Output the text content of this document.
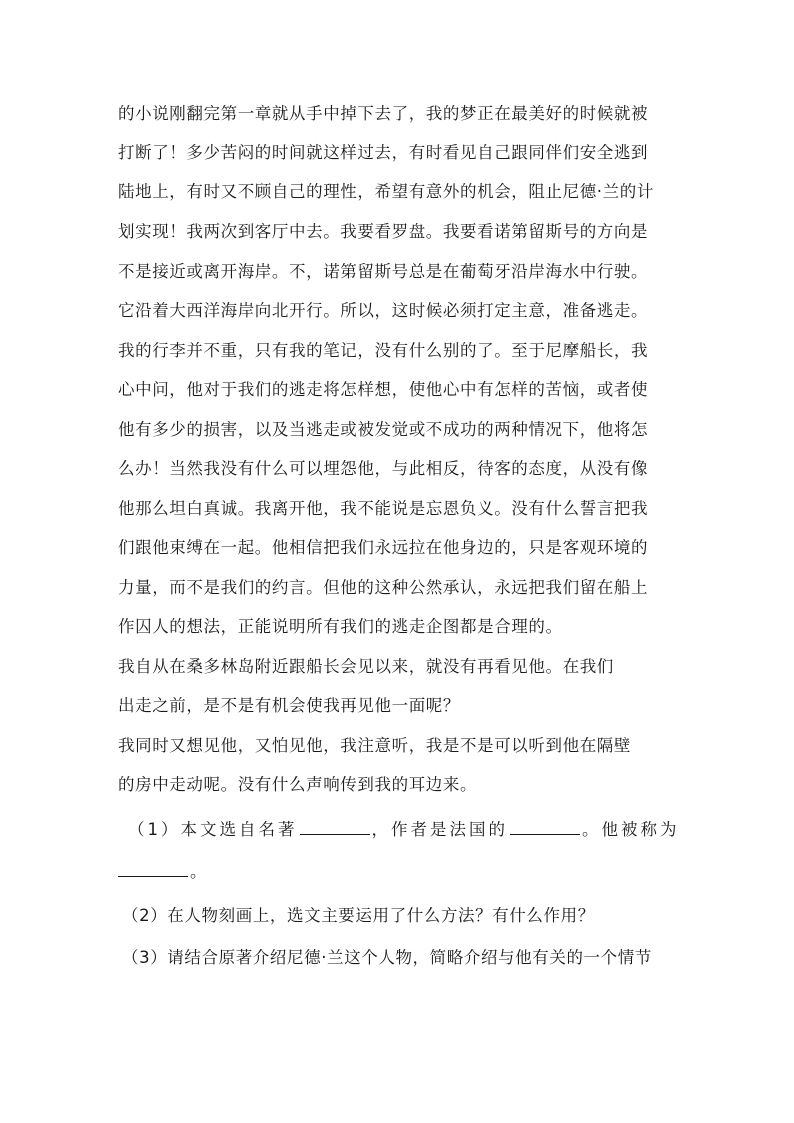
的小说刚翻完第一章就从手中掉下去了，我的梦正在最美好的时候就被
打断了！多少苦闷的时间就这样过去，有时看见自己跟同伴们安全逃到
陆地上，有时又不顾自己的理性，希望有意外的机会，阻止尼德·兰的计
划实现！我两次到客厅中去。我要看罗盘。我要看诺第留斯号的方向是
不是接近或离开海岸。不，诺第留斯号总是在葡萄牙沿岸海水中行驶。
它沿着大西洋海岸向北开行。所以，这时候必须打定主意，准备逃走。
我的行李并不重，只有我的笔记，没有什么别的了。至于尼摩船长，我
心中问，他对于我们的逃走将怎样想，使他心中有怎样的苦恼，或者使
他有多少的损害，以及当逃走或被发觉或不成功的两种情况下，他将怎
么办！当然我没有什么可以埋怨他，与此相反，待客的态度，从没有像
他那么坦白真诚。我离开他，我不能说是忘恩负义。没有什么誓言把我
们跟他束缚在一起。他相信把我们永远拉在他身边的，只是客观环境的
力量，而不是我们的约言。但他的这种公然承认，永远把我们留在船上
作囚人的想法，正能说明所有我们的逃走企图都是合理的。
我自从在桑多林岛附近跟船长会见以来，就没有再看见他。在我们
出走之前，是不是有机会使我再见他一面呢？
我同时又想见他，又怕见他，我注意听，我是不是可以听到他在隔壁
的房中走动呢。没有什么声响传到我的耳边来。
（1）本文选自名著	，作者是法国的	。他被称为
。
（2）在人物刻画上，选文主要运用了什么方法？有什么作用？
（3）请结合原著介绍尼德·兰这个人物，简略介绍与他有关的一个情节
